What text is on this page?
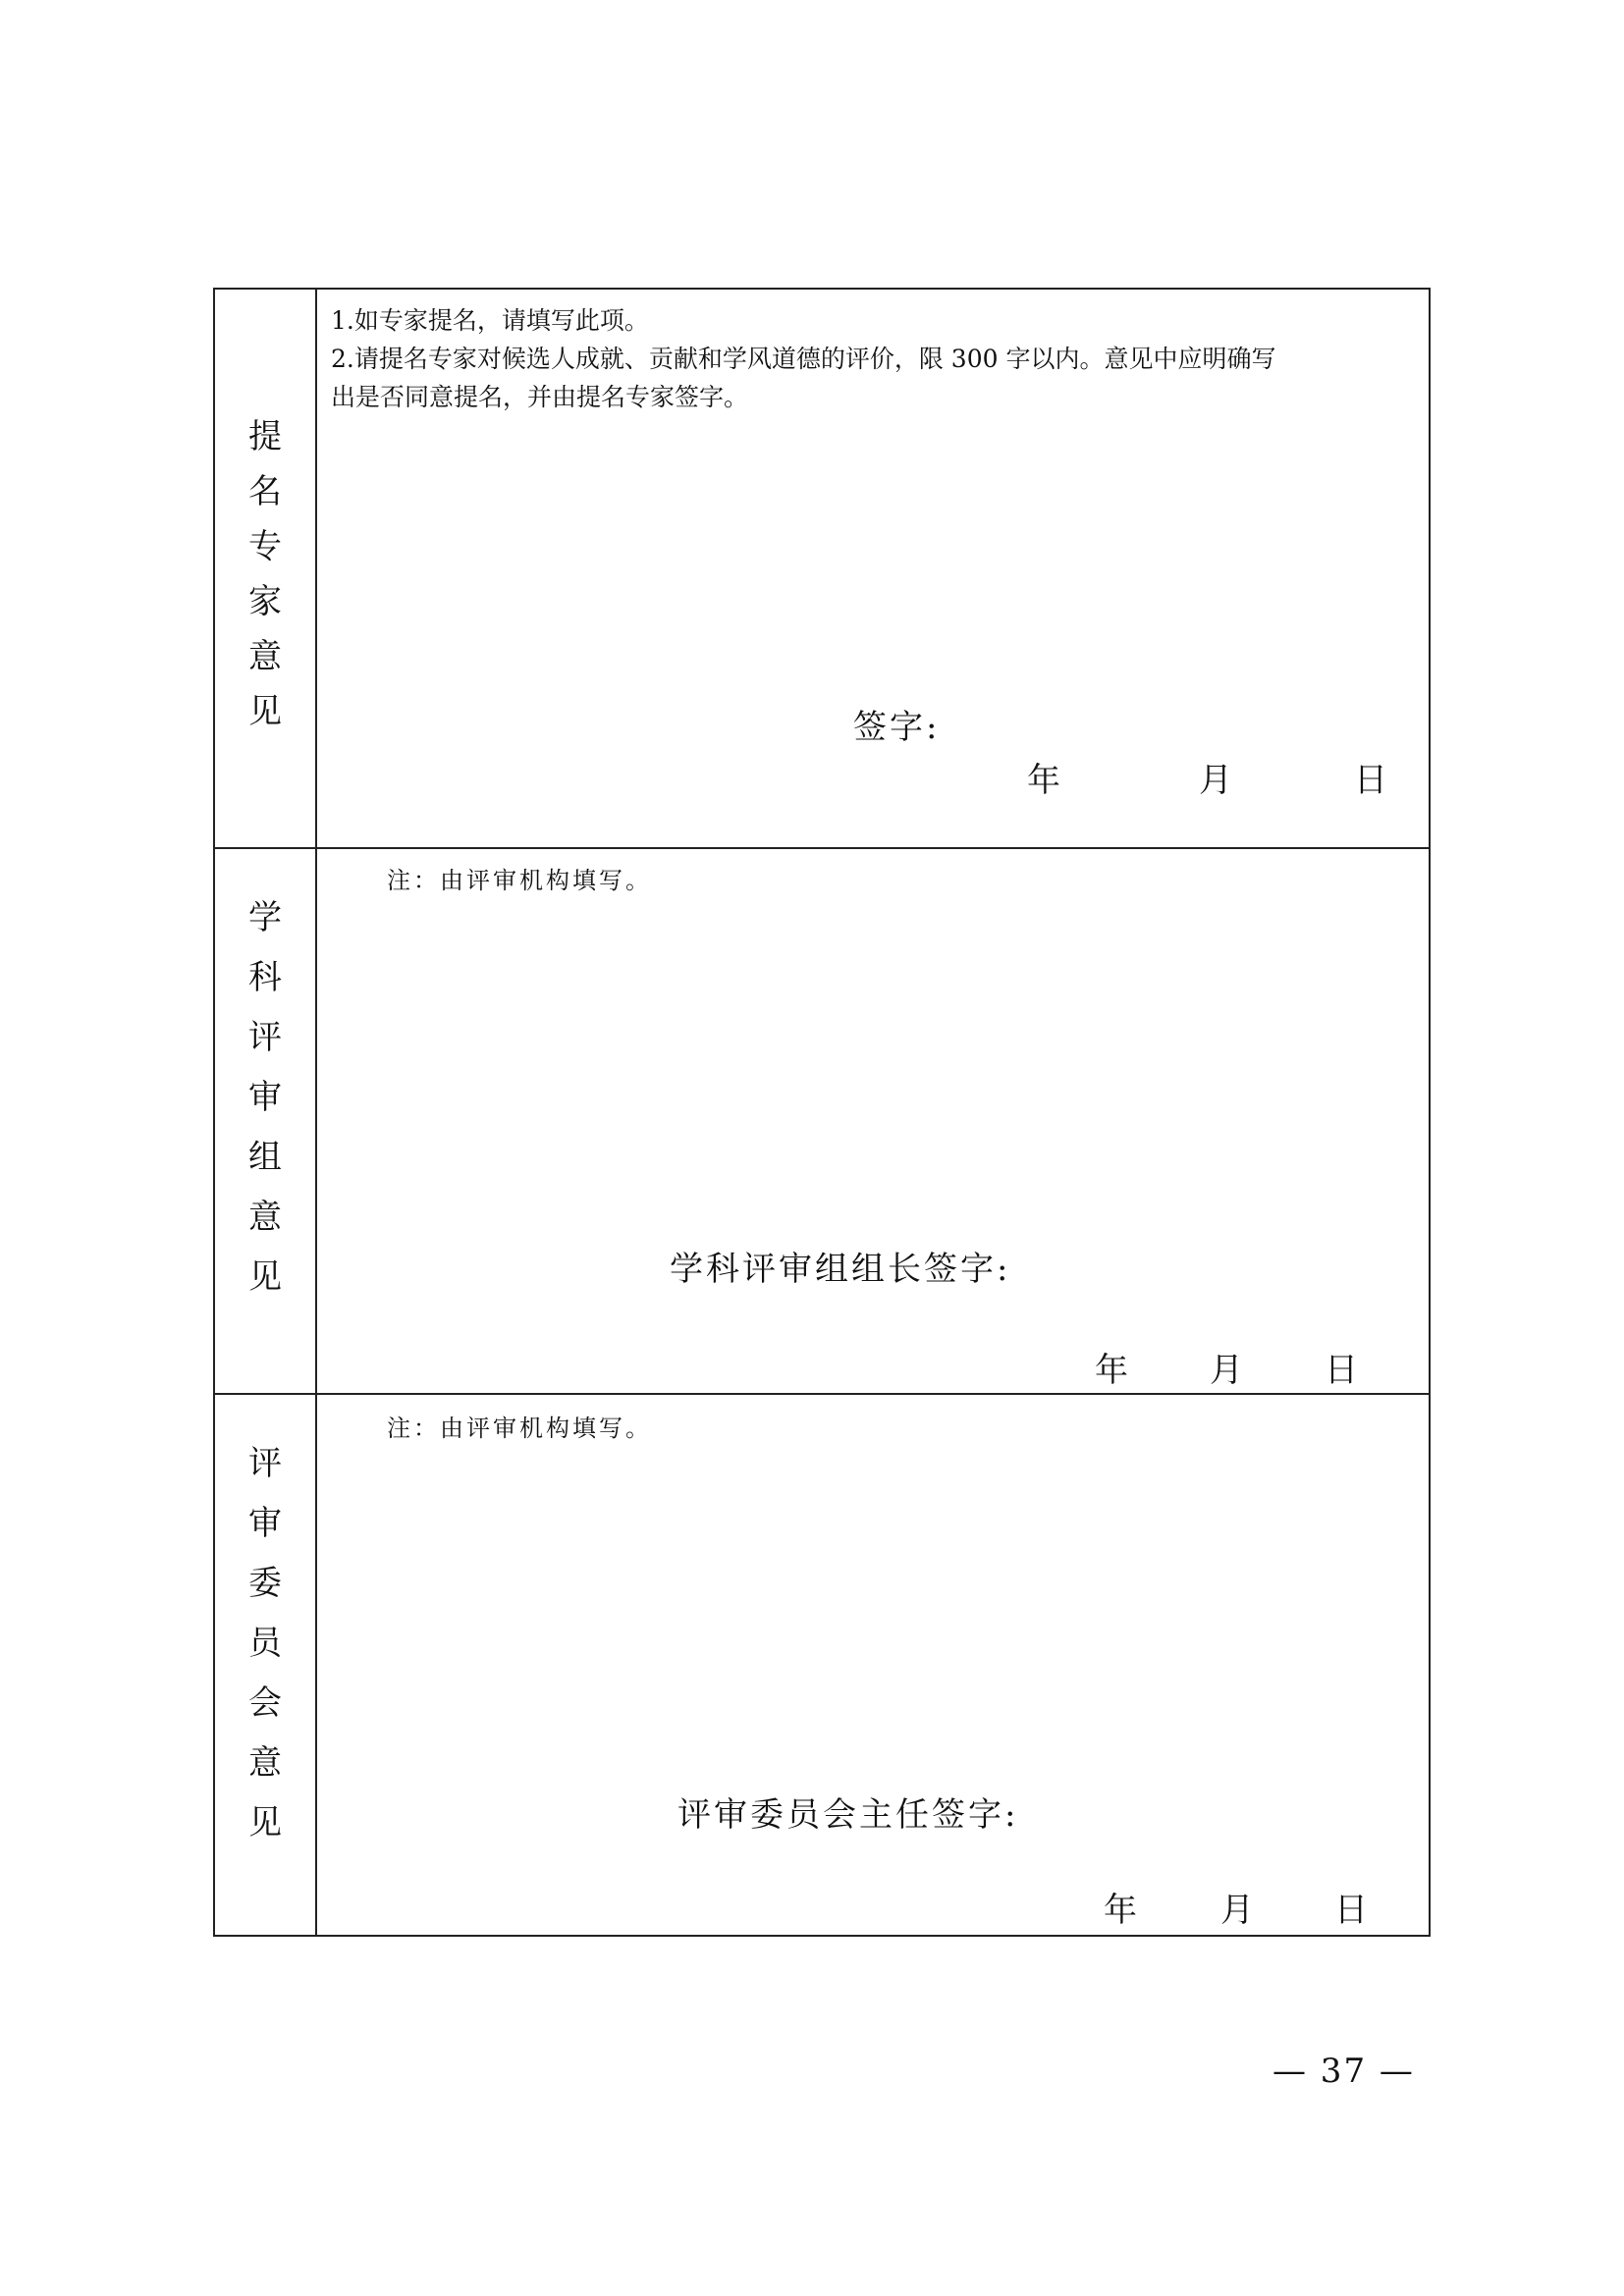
提
名
专
家
意
见
1.如专家提名，请填写此项。
2.请提名专家对候选人成就、贡献和学风道德的评价，限 300 字以内。意见中应明确写
出是否同意提名，并由提名专家签字。
签字:
年	月	日
学
科
评
审
组
意
见
注：由评审机构填写。
学科评审组组长签字:
年 月 日
评
审
委
员
会
意
见
注：由评审机构填写。
评审委员会主任签字:
年	月 日
— 37 —
